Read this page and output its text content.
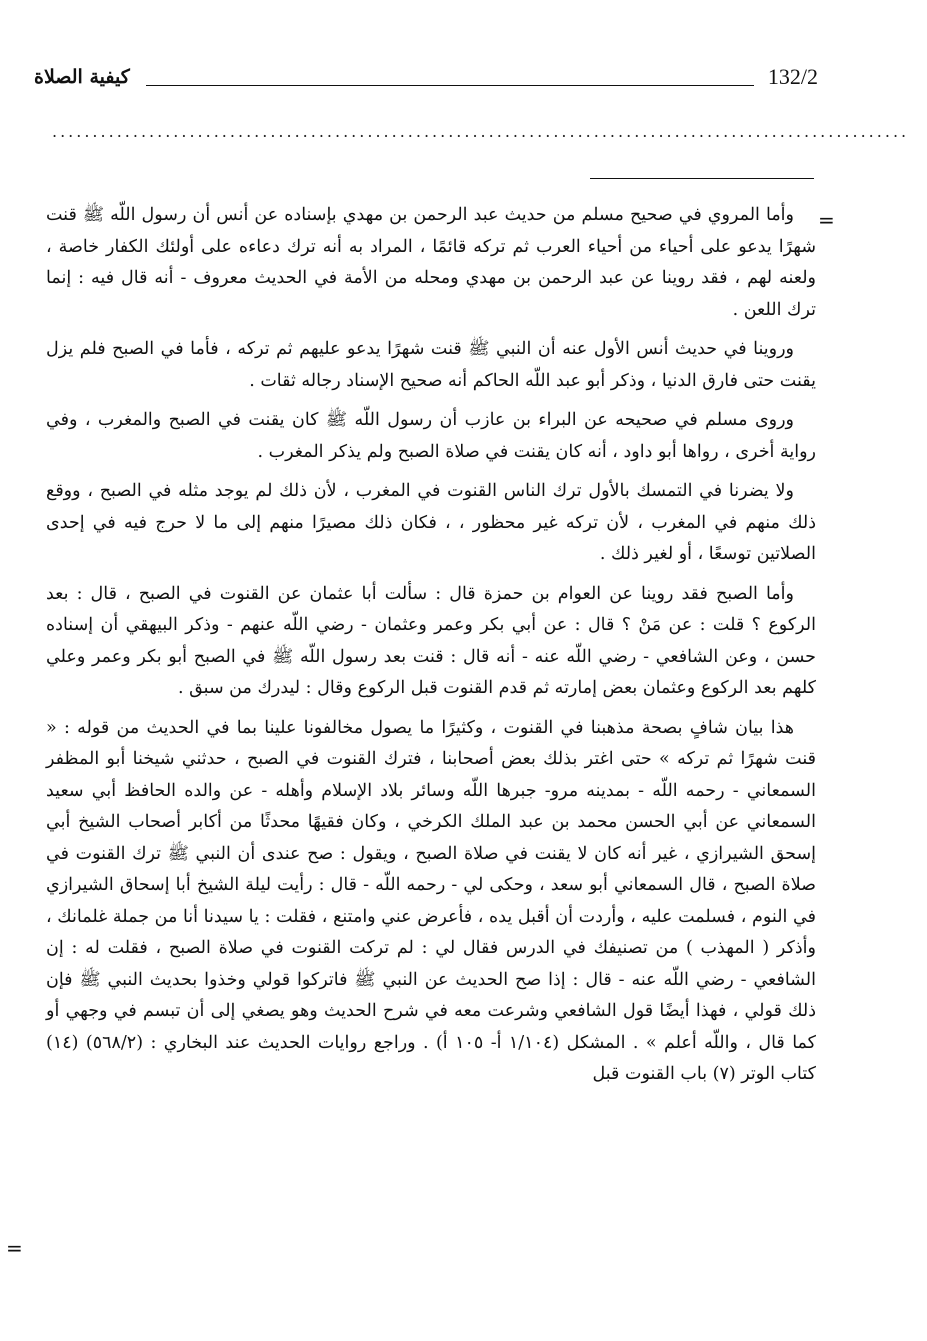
كيفية الصلاة	132/2
..........................................................................................................
=

وأما المروي في صحيح مسلم من حديث عبد الرحمن بن مهدي بإسناده عن أنس أن رسول اللّه ﷺ قنت شهرًا يدعو على أحياء من أحياء العرب ثم تركه قائمًا ، المراد به أنه ترك دعاءه على أولئك الكفار خاصة ، ولعنه لهم ، فقد روينا عن عبد الرحمن بن مهدي ومحله من الأمة في الحديث معروف - أنه قال فيه : إنما ترك اللعن .

وروينا في حديث أنس الأول عنه أن النبي ﷺ قنت شهرًا يدعو عليهم ثم تركه ، فأما في الصبح فلم يزل يقنت حتى فارق الدنيا ، وذكر أبو عبد اللّه الحاكم أنه صحيح الإسناد رجاله ثقات .

وروى مسلم في صحيحه عن البراء بن عازب أن رسول اللّه ﷺ كان يقنت في الصبح والمغرب ، وفي رواية أخرى ، رواها أبو داود ، أنه كان يقنت في صلاة الصبح ولم يذكر المغرب .

ولا يضرنا في التمسك بالأول ترك الناس القنوت في المغرب ، لأن ذلك لم يوجد مثله في الصبح ، ووقع ذلك منهم في المغرب ، لأن تركه غير محظور ، ، فكان ذلك مصيرًا منهم إلى ما لا حرج فيه في إحدى الصلاتين توسعًا ، أو لغير ذلك .

وأما الصبح فقد روينا عن العوام بن حمزة قال : سألت أبا عثمان عن القنوت في الصبح ، قال : بعد الركوع ؟ قلت : عن مَنْ ؟ قال : عن أبي بكر وعمر وعثمان - رضي اللّه عنهم - وذكر البيهقي أن إسناده حسن ، وعن الشافعي - رضي اللّه عنه - أنه قال : قنت بعد رسول اللّه ﷺ في الصبح أبو بكر وعمر وعلي كلهم بعد الركوع وعثمان بعض إمارته ثم قدم القنوت قبل الركوع وقال : ليدرك من سبق .

هذا بيان شافٍ بصحة مذهبنا في القنوت ، وكثيرًا ما يصول مخالفونا علينا بما في الحديث من قوله : « قنت شهرًا ثم تركه » حتى اغتر بذلك بعض أصحابنا ، فترك القنوت في الصبح ، حدثني شيخنا أبو المظفر السمعاني - رحمه اللّه - بمدينه مرو- جبرها اللّه وسائر بلاد الإسلام وأهله - عن والده الحافظ أبي سعيد السمعاني عن أبي الحسن محمد بن عبد الملك الكرخي ، وكان فقيهًا محدثًا من أكابر أصحاب الشيخ أبي إسحق الشيرازي ، غير أنه كان لا يقنت في صلاة الصبح ، ويقول : صح عندى أن النبي ﷺ ترك القنوت في صلاة الصبح ، قال السمعاني أبو سعد ، وحكى لي - رحمه اللّه - قال : رأيت ليلة الشيخ أبا إسحاق الشيرازي في النوم ، فسلمت عليه ، وأردت أن أقبل يده ، فأعرض عني وامتنع ، فقلت : يا سيدنا أنا من جملة غلمانك ، وأذكر ( المهذب ) من تصنيفك في الدرس فقال لي : لم تركت القنوت في صلاة الصبح ، فقلت له : إن الشافعي - رضي اللّه عنه - قال : إذا صح الحديث عن النبي ﷺ فاتركوا قولي وخذوا بحديث النبي ﷺ فإن ذلك قولي ، فهذا أيضًا قول الشافعي وشرعت معه في شرح الحديث وهو يصغي إلى أن تبسم في وجهي أو كما قال ، واللّه أعلم » . المشكل (١/١٠٤ أ- ١٠٥ أ) . وراجع روايات الحديث عند البخاري : (٥٦٨/٢) (١٤) كتاب الوتر (٧) باب القنوت قبل

=
